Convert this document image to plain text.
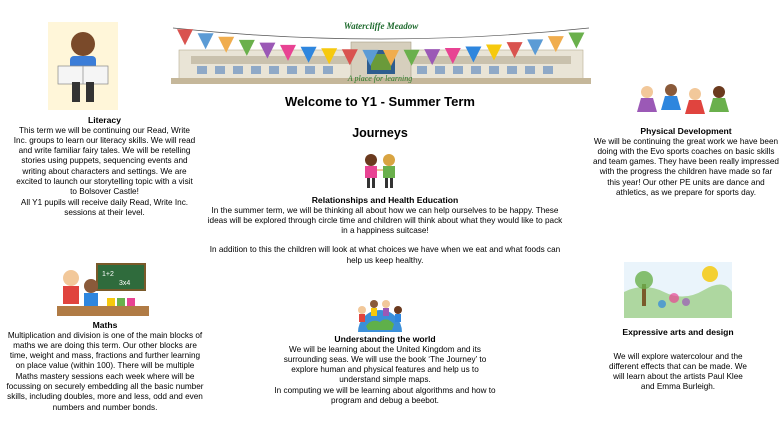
Watercliffe Meadow
A place for learning
Welcome to Y1 - Summer Term
Journeys
Literacy

This term we will be continuing our Read, Write Inc. groups to learn our literacy skills. We will read and write familiar fairy tales. We will be retelling stories using puppets, sequencing events and writing about characters and settings. We are excited to launch our storytelling topic with a visit to Bolsover Castle!

All Y1 pupils will receive daily Read, Write Inc. sessions at their level.

1+2
3x4
Maths

Multiplication and division is one of the main blocks of maths we are doing this term. Our other blocks are time, weight and mass, fractions and further learning on place value (within 100). There will be multiple Maths mastery sessions each week where will be focussing on securely embedding all the basic number skills, including doubles, more and less, odd and even numbers and number bonds.

Relationships and Health Education

In the summer term, we will be thinking all about how we can help ourselves to be happy. These ideas will be explored through circle time and children will think about what they would like to pack in a happiness suitcase!

In addition to this the children will look at what choices we have when we eat and what foods can help us keep healthy.

Understanding the world

We will be learning about the United Kingdom and its surrounding seas. We will use the book ‘The Journey’ to explore human and physical features and help us to understand simple maps.

In computing we will be learning about algorithms and how to program and debug a beebot.

Physical Development

We will be continuing the great work we have been doing with the Evo sports coaches on basic skills and team games. They have been really impressed with the progress the children have made so far this year! Our other PE units are dance and athletics, as we prepare for sports day.

Expressive arts and design

We will explore watercolour and the different effects that can be made. We will learn about the artists Paul Klee and Emma Burleigh.
